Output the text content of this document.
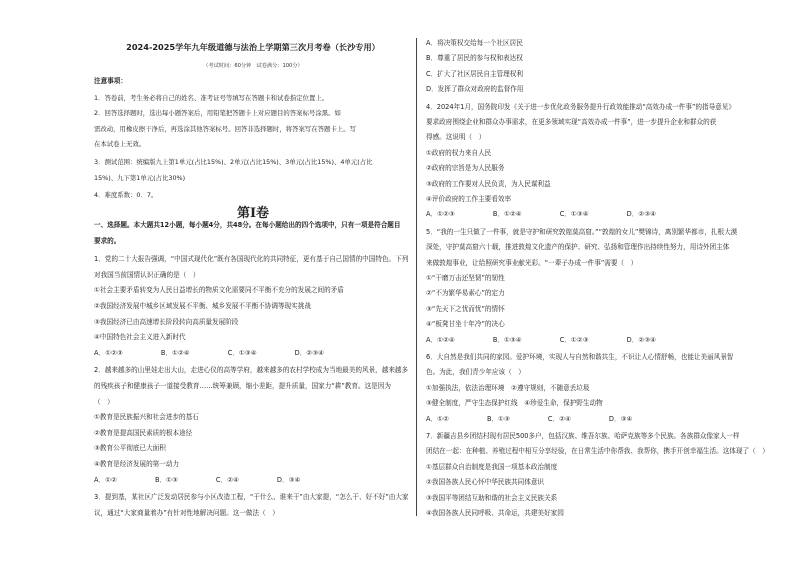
2024-2025学年九年级道德与法治上学期第三次月考卷（长沙专用）
（考试时间：60分钟　试卷满分：100分）
注意事项：
1．答卷前，考生务必将自己的姓名、准考证号等填写在答题卡和试卷指定位置上。
2．回答选择题时，选出每小题答案后，用铅笔把答题卡上对应题目的答案标号涂黑。如
需改动，用橡皮擦干净后，再选涂其他答案标号。回答非选择题时，将答案写在答题卡上。写
在本试卷上无效。
3．测试范围：统编版九上第1单元(占比15%)、2单元(占比15%)、3单元(占比15%)、4单元(占比
15%)、九下第1单元(占比30%)
4．难度系数：0．7。
一、选择题。本大题共12小题，每小题4分，共48分。在每小题给出的四个选项中，只有一项是符合题目
要求的。
1．党的二十大报告强调，“中国式现代化”既有各国现代化的共同特征，更有基于自己国情的中国特色。下列
对我国当前国情认识正确的是（　）
①社会主要矛盾转变为人民日益增长的物质文化需要同不平衡不充分的发展之间的矛盾
②我国经济发展中城乡区域发展不平衡、城乡发展不平衡不协调等现实挑战
③我国经济已由高速增长阶段转向高质量发展阶段
④中国特色社会主义进入新时代
A．①②③	B．①②④	C．①③④	D．②③④
2．越来越多的山里娃走出大山，走进心仪的高等学府，越来越多的农村学校成为当地最美的风景，越来越多
的残疾孩子和健康孩子一道接受教育……统筹兼顾，缩小差距，提升质量，国家力“耕”教育。这是因为
（　）
①教育是民族振兴和社会进步的基石
②教育是提高国民素质的根本途径
③教育公平彻底已大面积
④教育是经济发展的第一动力
A．①②	B．①③	C．②④	D．③④
3．提到基，某社区广泛发动居民参与小区改造工程，“干什么、谁来干”由大家提，“怎么干、好不好”由大家
议，通过“大家商量着办”有针对性地解决问题。这一做法（　）
第Ⅰ卷
A．将决策权交给每一个社区居民
B．尊重了居民的参与权和表达权
C．扩大了社区居民自主管理权利
D．发挥了群众对政府的监督作用
4．2024年1月，国务院印发《关于进一步优化政务服务提升行政效能推动“高效办成一件事”的指导意见》
要求政府围绕企业和群众办事需求，在更多领域实现“高效办成一件事”，进一步提升企业和群众的获
得感。这说明（　）
①政府的权力来自人民
②政府的宗旨是为人民服务
③政府的工作要对人民负责，为人民谋利益
④评价政府的工作主要看效率
A．①②③	B．①②④	C．①③④	D．②③④
5．“我的一生只做了一件事，就是守护和研究敦煌莫高窟。”“敦煌的女儿”樊锦诗，离别繁华都市，扎根大漠
深处，守护莫高窟六十载，推进敦煌文化遗产的保护、研究、弘扬和管理作出持续性努力，用诗外团主体
来做敦煌事业，让给照研究事业献光彩。“一辈子办成一件事”需要（　）
①“干磨万击还坚韧”的韧性
②“不为繁华易素心”的定力
③“先天下之忧而忧”的情怀
④“板凳甘坐十年冷”的决心
A．①②④	B．①③④	C．①②③	D．②③④
6．大自然是我们共同的家园。爱护环境，实现人与自然和谐共生，不识让人心情舒畅，也能让美丽风景智
色。为此，我们青少年应该（　）
①加强执法，依法治理环境　②遵守规则，不随意丢垃圾
③健全制度，严守生态保护红线　④珍爱生命，保护野生动物
A．①②	B．①③	C．②④	D．③④
7．新疆吉县乡团结村现有居民500多户，包括汉族、维吾尔族、哈萨克族等多个民族。各族群众像家人一样
团结在一起：在种植、养殖过程中相互分享经验，在日常生活中你帮我、我帮你，携手开创幸福生活。这体现了（　）
①基层群众自治制度是我国一项基本政治制度
②我国各族人民心怀中华民族共同体意识
③我国平等团结互助和谐的社会主义民族关系
④我国各族人民同呼吸、共命运，共建美好家园
